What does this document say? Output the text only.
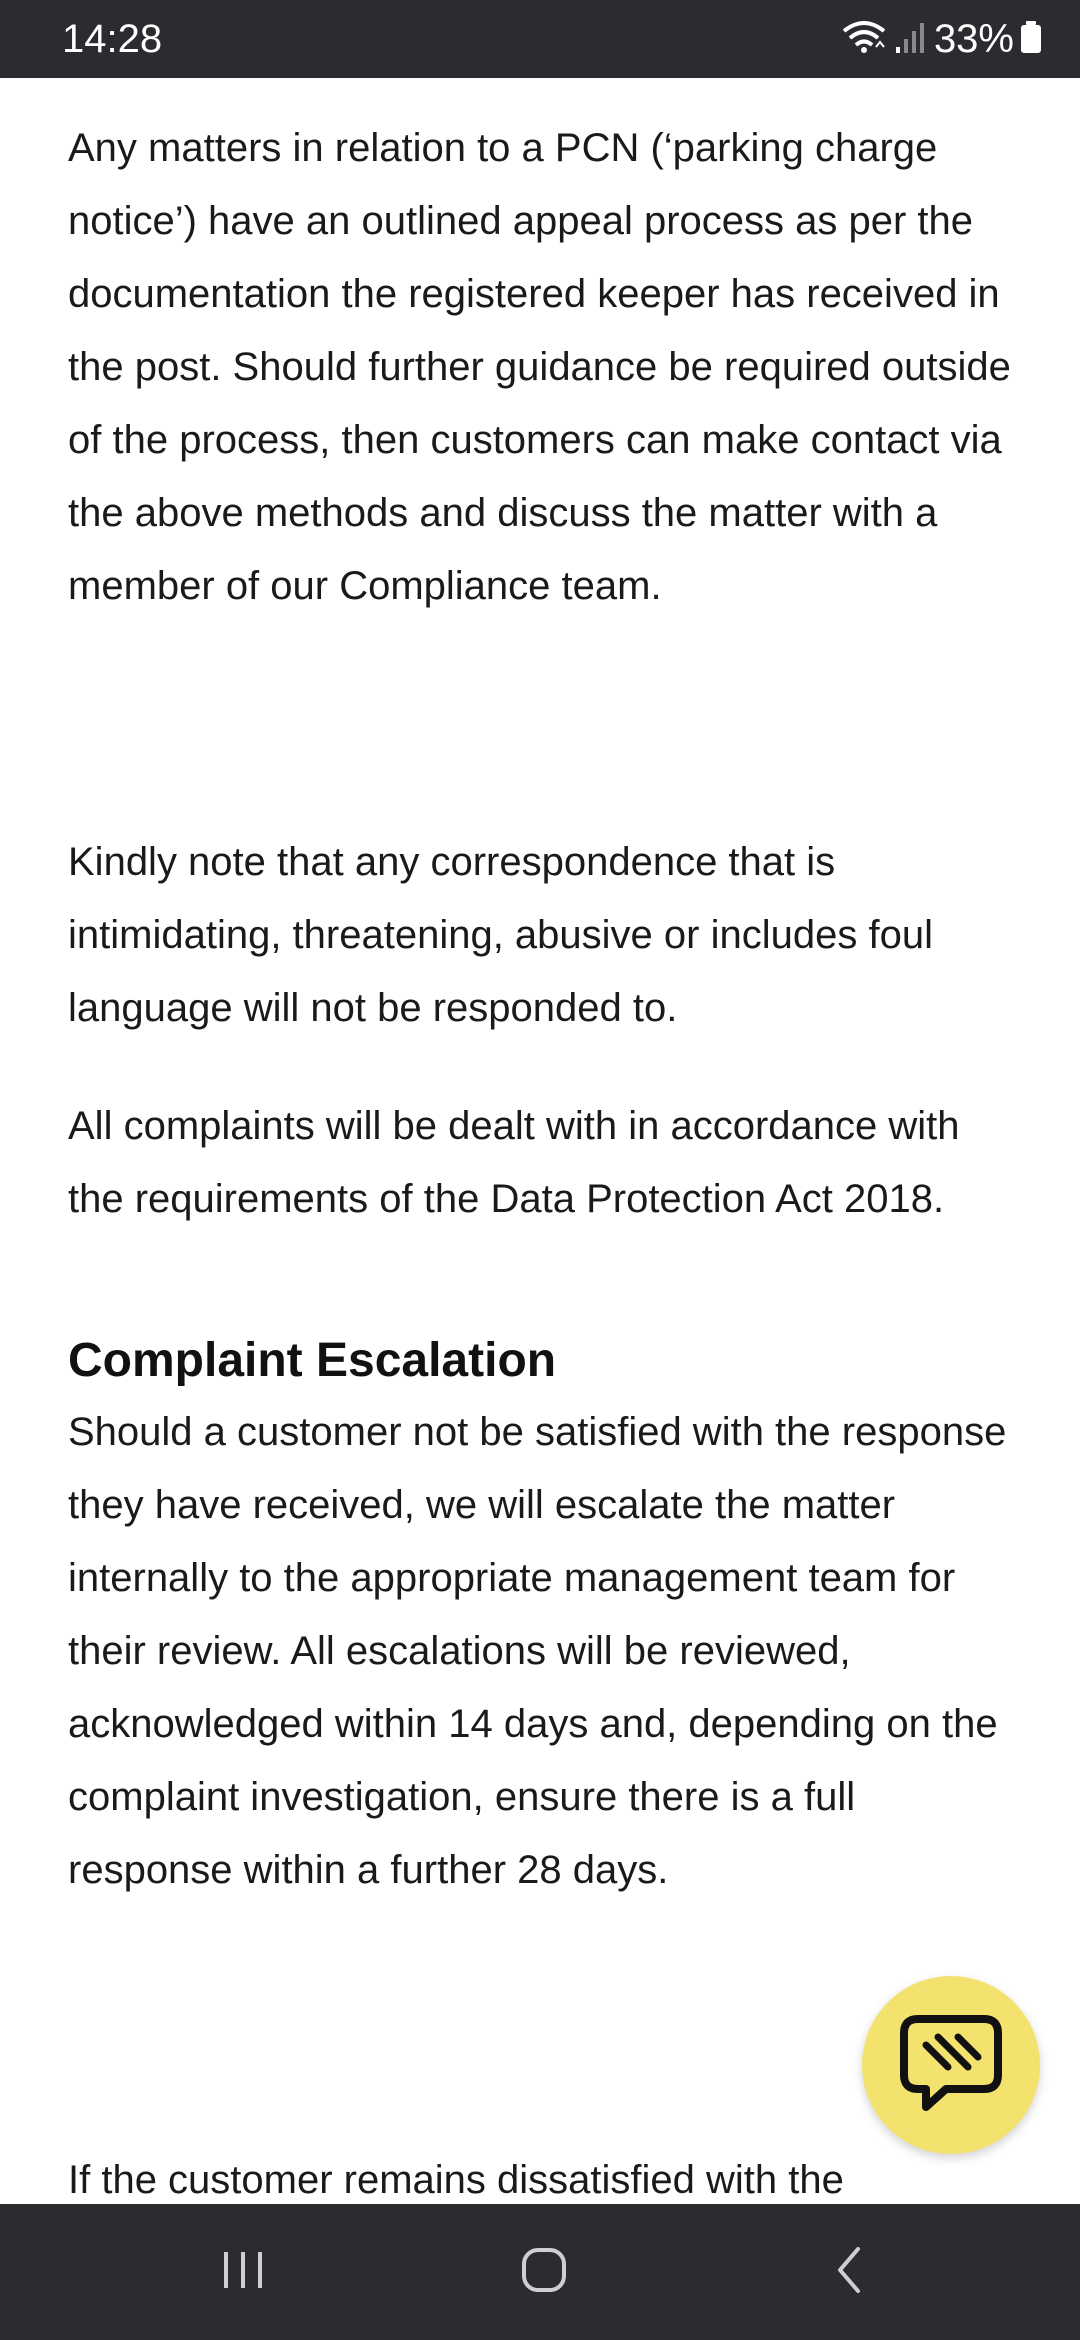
14:28	33%

Any matters in relation to a PCN (‘parking charge notice’) have an outlined appeal process as per the documentation the registered keeper has received in the post. Should further guidance be required outside of the process, then customers can make contact via the above methods and discuss the matter with a member of our Compliance team.

Kindly note that any correspondence that is intimidating, threatening, abusive or includes foul language will not be responded to.

All complaints will be dealt with in accordance with the requirements of the Data Protection Act 2018.

Complaint Escalation

Should a customer not be satisfied with the response they have received, we will escalate the matter internally to the appropriate management team for their review. All escalations will be reviewed, acknowledged within 14 days and, depending on the complaint investigation, ensure there is a full response within a further 28 days.

If the customer remains dissatisfied with the
